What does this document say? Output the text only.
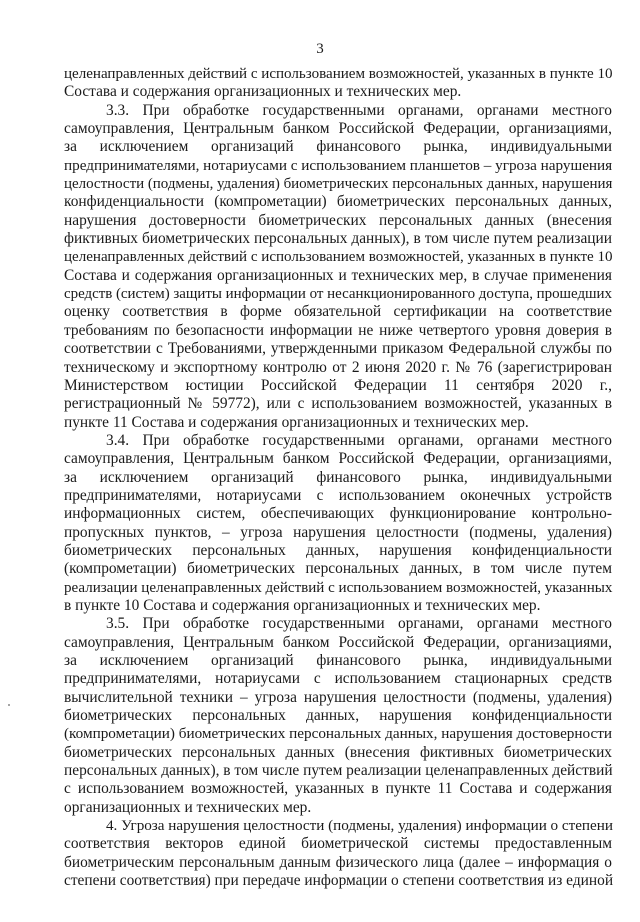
3

целенаправленных действий с использованием возможностей, указанных в пункте 10
Состава и содержания организационных и технических мер.

3.3. При обработке государственными органами, органами местного
самоуправления, Центральным банком Российской Федерации, организациями,
за исключением организаций финансового рынка, индивидуальными
предпринимателями, нотариусами с использованием планшетов – угроза нарушения
целостности (подмены, удаления) биометрических персональных данных, нарушения
конфиденциальности (компрометации) биометрических персональных данных,
нарушения достоверности биометрических персональных данных (внесения
фиктивных биометрических персональных данных), в том числе путем реализации
целенаправленных действий с использованием возможностей, указанных в пункте 10
Состава и содержания организационных и технических мер, в случае применения
средств (систем) защиты информации от несанкционированного доступа, прошедших
оценку соответствия в форме обязательной сертификации на соответствие
требованиям по безопасности информации не ниже четвертого уровня доверия в
соответствии с Требованиями, утвержденными приказом Федеральной службы по
техническому и экспортному контролю от 2 июня 2020 г. № 76 (зарегистрирован
Министерством юстиции Российской Федерации 11 сентября 2020 г.,
регистрационный № 59772), или с использованием возможностей, указанных в
пункте 11 Состава и содержания организационных и технических мер.

3.4. При обработке государственными органами, органами местного
самоуправления, Центральным банком Российской Федерации, организациями,
за исключением организаций финансового рынка, индивидуальными
предпринимателями, нотариусами с использованием оконечных устройств
информационных систем, обеспечивающих функционирование контрольно-
пропускных пунктов, – угроза нарушения целостности (подмены, удаления)
биометрических персональных данных, нарушения конфиденциальности
(компрометации) биометрических персональных данных, в том числе путем
реализации целенаправленных действий с использованием возможностей, указанных
в пункте 10 Состава и содержания организационных и технических мер.

3.5. При обработке государственными органами, органами местного
самоуправления, Центральным банком Российской Федерации, организациями,
за исключением организаций финансового рынка, индивидуальными
предпринимателями, нотариусами с использованием стационарных средств
вычислительной техники – угроза нарушения целостности (подмены, удаления)
биометрических персональных данных, нарушения конфиденциальности
(компрометации) биометрических персональных данных, нарушения достоверности
биометрических персональных данных (внесения фиктивных биометрических
персональных данных), в том числе путем реализации целенаправленных действий
с использованием возможностей, указанных в пункте 11 Состава и содержания
организационных и технических мер.

4. Угроза нарушения целостности (подмены, удаления) информации о степени
соответствия векторов единой биометрической системы предоставленным
биометрическим персональным данным физического лица (далее – информация о
степени соответствия) при передаче информации о степени соответствия из единой
